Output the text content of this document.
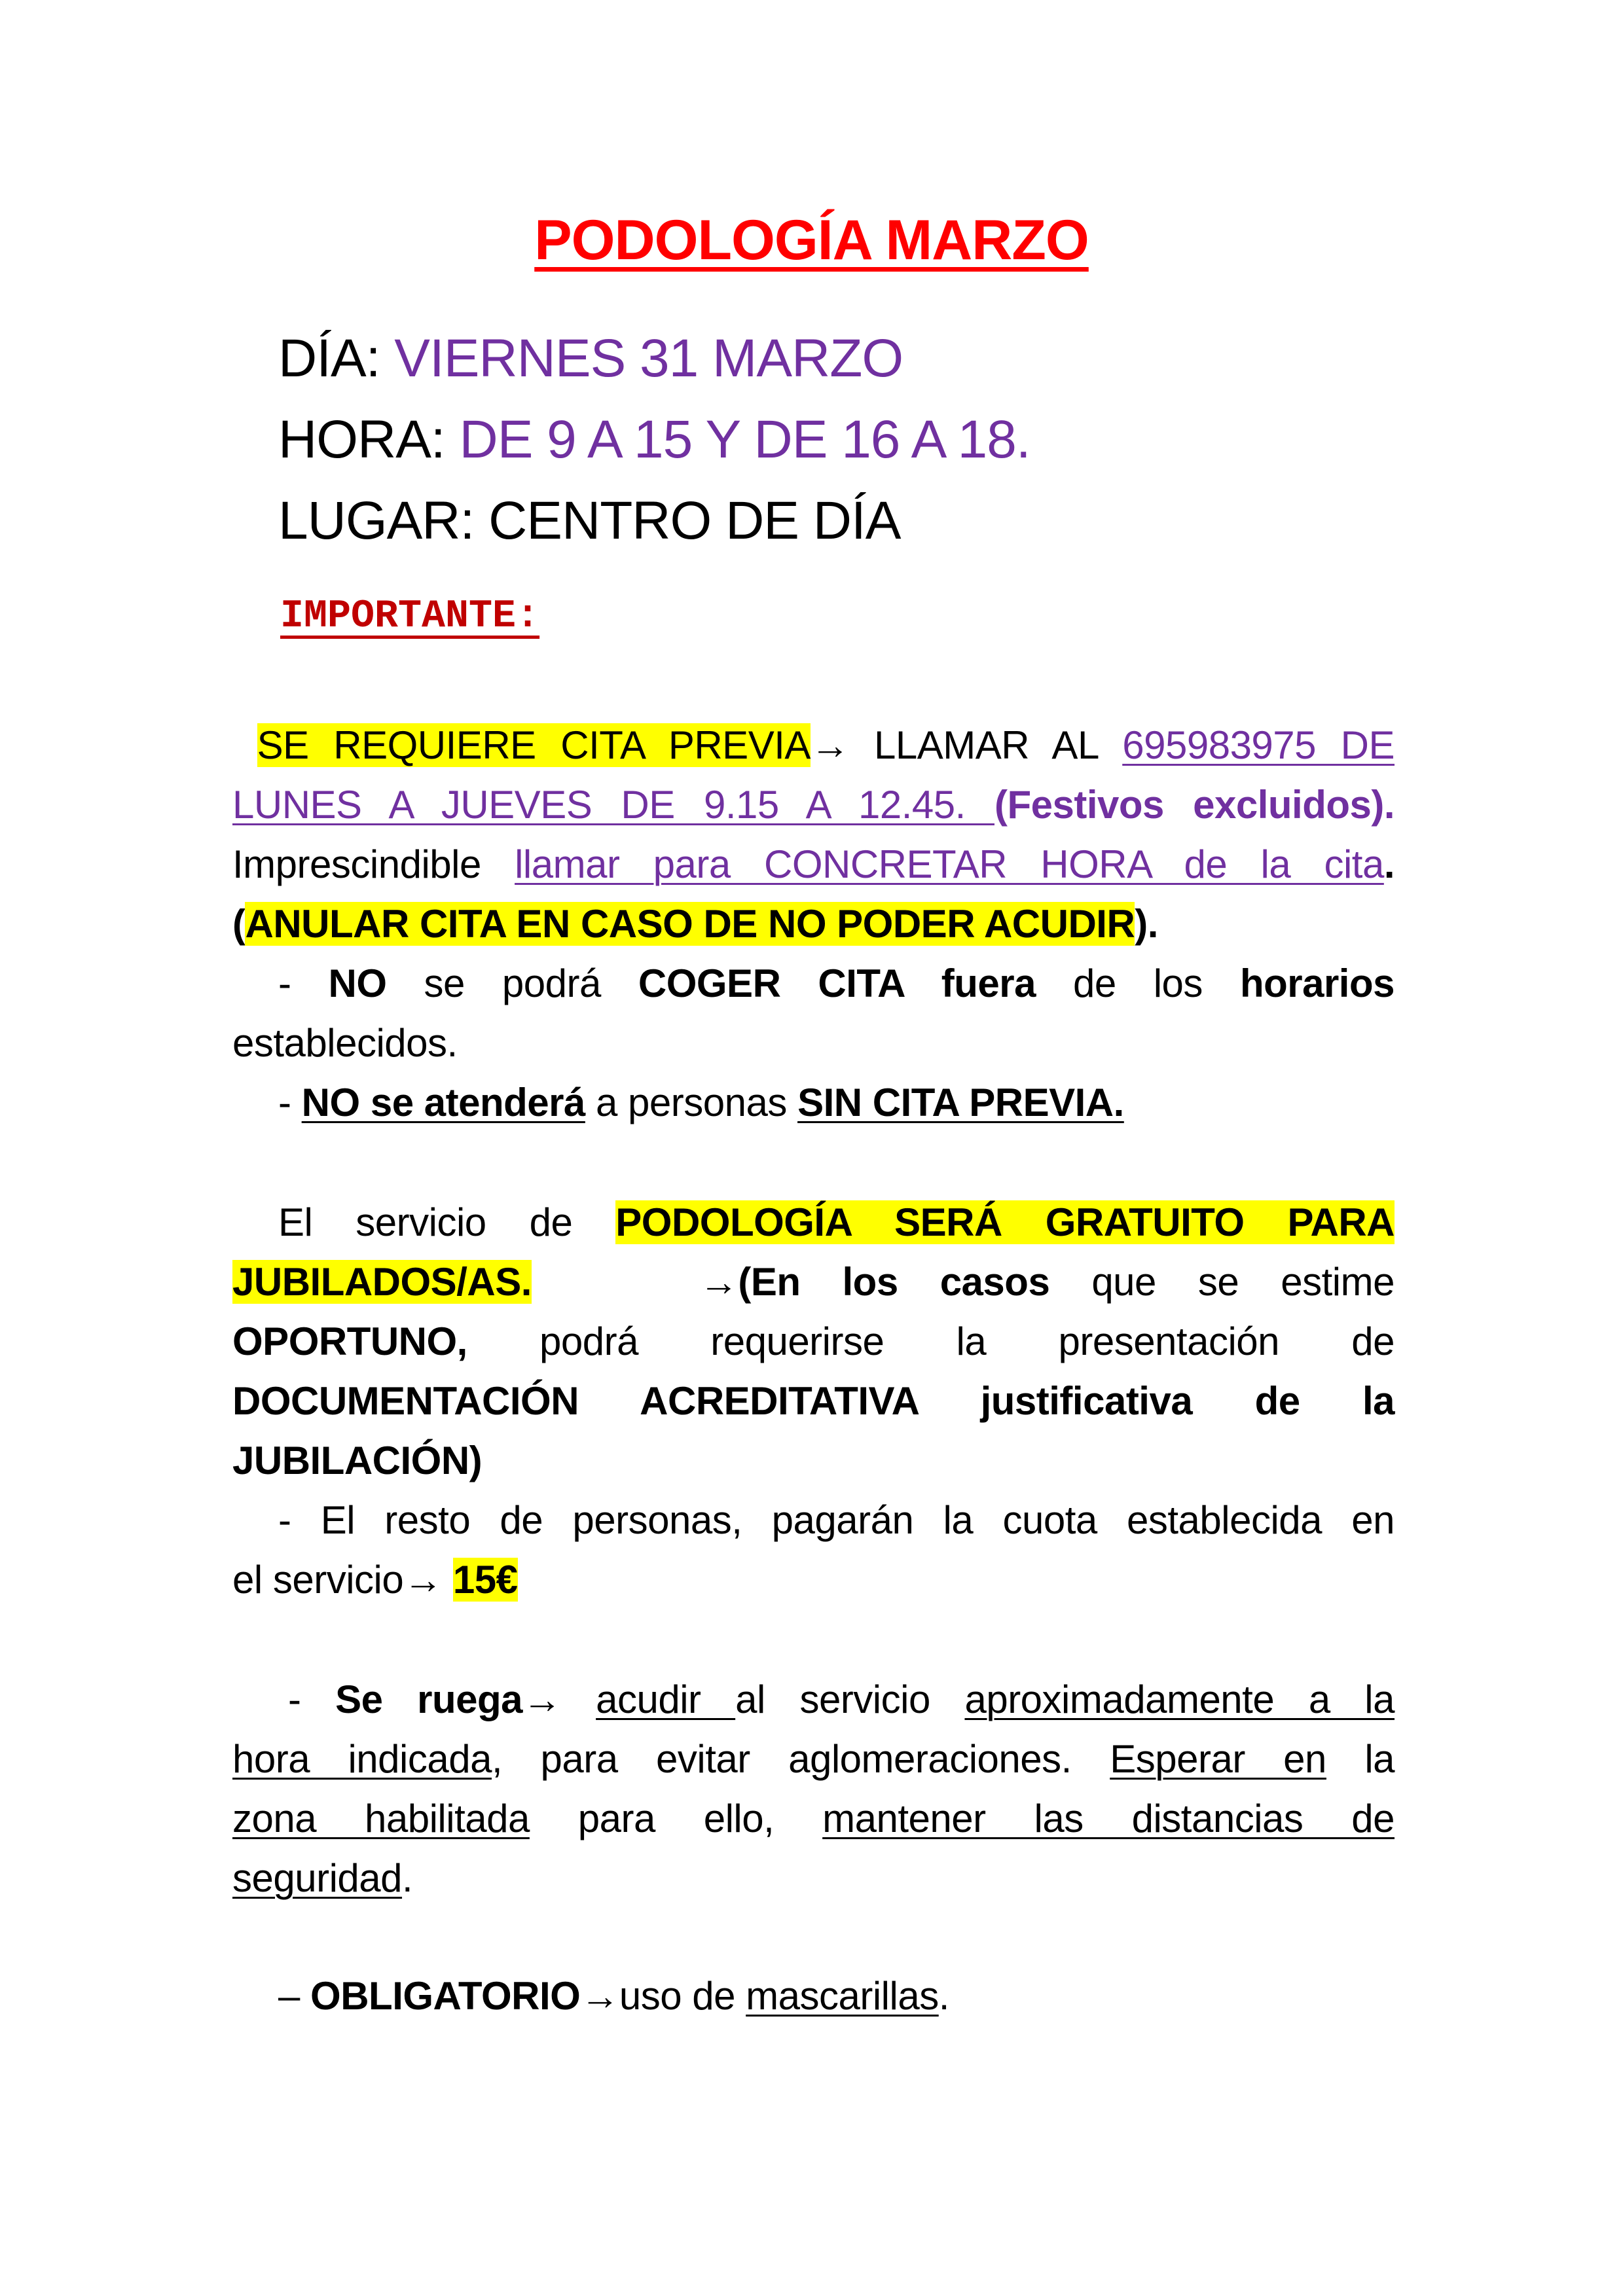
PODOLOGÍA MARZO
DÍA: VIERNES 31 MARZO
HORA: DE 9 A 15 Y DE 16 A 18.
LUGAR: CENTRO DE DÍA
IMPORTANTE:
SE REQUIERE CITA PREVIA→ LLAMAR AL 695983975 DE
LUNES A JUEVES DE 9.15 A 12.45. (Festivos excluidos).
Imprescindible llamar para CONCRETAR HORA de la cita.
(ANULAR CITA EN CASO DE NO PODER ACUDIR).
- NO se podrá COGER CITA fuera de los horarios
establecidos.
- NO se atenderá a personas SIN CITA PREVIA.
El servicio de PODOLOGÍA SERÁ GRATUITO PARA
JUBILADOS/AS.	→(En los casos que se estime
OPORTUNO, podrá requerirse la presentación de
DOCUMENTACIÓN ACREDITATIVA justificativa de la
JUBILACIÓN)
- El resto de personas, pagarán la cuota establecida en
el servicio→ 15€
- Se ruega→ acudir al servicio aproximadamente a la
hora indicada, para evitar aglomeraciones. Esperar en la
zona habilitada para ello, mantener las distancias de
seguridad.
– OBLIGATORIO→uso de mascarillas.
